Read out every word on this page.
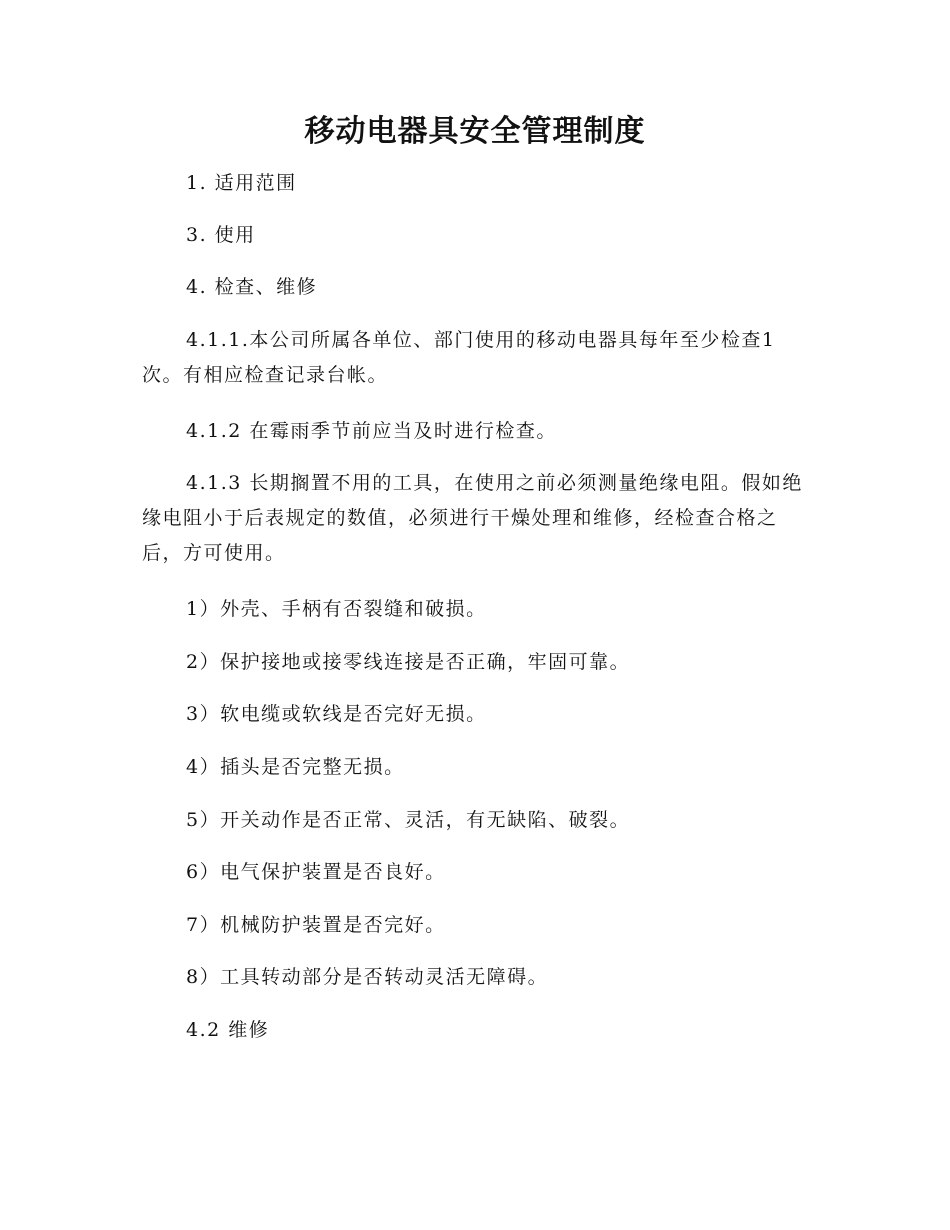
移动电器具安全管理制度

1. 适用范围

3. 使用

4. 检查、维修

4.1.1.本公司所属各单位、部门使用的移动电器具每年至少检查1次。有相应检查记录台帐。

4.1.2 在霉雨季节前应当及时进行检查。

4.1.3 长期搁置不用的工具，在使用之前必须测量绝缘电阻。假如绝缘电阻小于后表规定的数值，必须进行干燥处理和维修，经检查合格之后，方可使用。

1）外壳、手柄有否裂缝和破损。

2）保护接地或接零线连接是否正确，牢固可靠。

3）软电缆或软线是否完好无损。

4）插头是否完整无损。

5）开关动作是否正常、灵活，有无缺陷、破裂。

6）电气保护装置是否良好。

7）机械防护装置是否完好。

8）工具转动部分是否转动灵活无障碍。

4.2 维修
